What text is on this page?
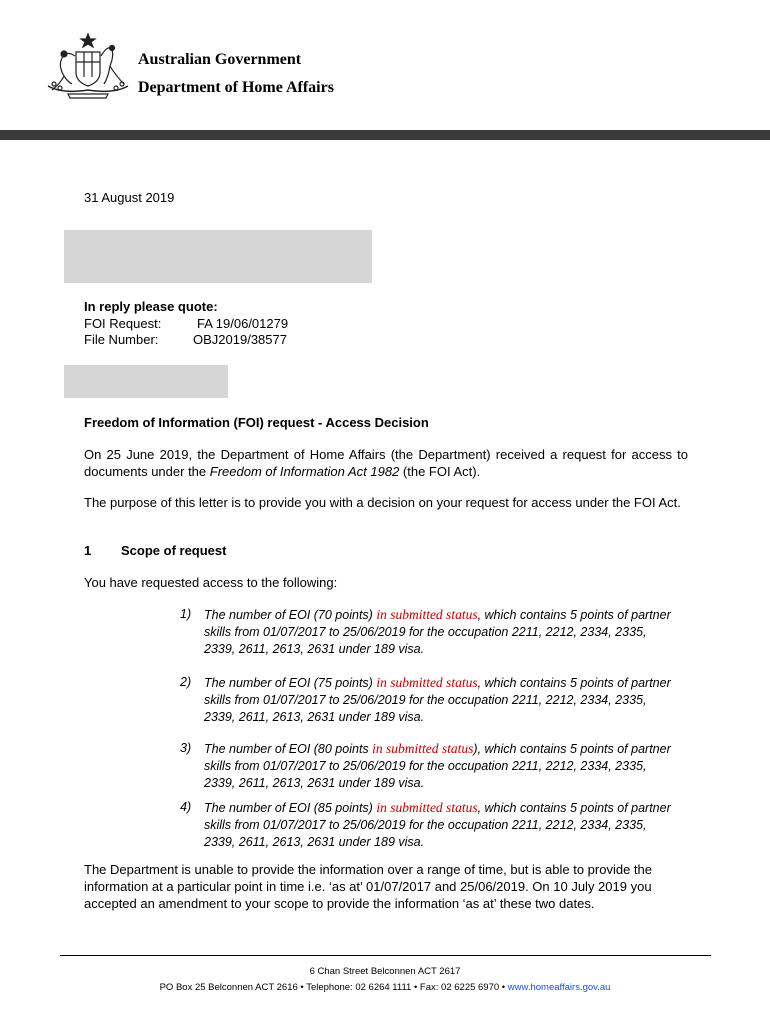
Australian Government
Department of Home Affairs
31 August 2019
In reply please quote:
FOI Request:	FA 19/06/01279
File Number:	OBJ2019/38577
Freedom of Information (FOI) request - Access Decision
On 25 June 2019, the Department of Home Affairs (the Department) received a request for access to documents under the Freedom of Information Act 1982 (the FOI Act).
The purpose of this letter is to provide you with a decision on your request for access under the FOI Act.
1 Scope of request
You have requested access to the following:
1) The number of EOI (70 points) in submitted status, which contains 5 points of partner skills from 01/07/2017 to 25/06/2019 for the occupation 2211, 2212, 2334, 2335, 2339, 2611, 2613, 2631 under 189 visa.
2) The number of EOI (75 points) in submitted status, which contains 5 points of partner skills from 01/07/2017 to 25/06/2019 for the occupation 2211, 2212, 2334, 2335, 2339, 2611, 2613, 2631 under 189 visa.
3) The number of EOI (80 points in submitted status), which contains 5 points of partner skills from 01/07/2017 to 25/06/2019 for the occupation 2211, 2212, 2334, 2335, 2339, 2611, 2613, 2631 under 189 visa.
4) The number of EOI (85 points) in submitted status, which contains 5 points of partner skills from 01/07/2017 to 25/06/2019 for the occupation 2211, 2212, 2334, 2335, 2339, 2611, 2613, 2631 under 189 visa.
The Department is unable to provide the information over a range of time, but is able to provide the information at a particular point in time i.e. ‘as at’ 01/07/2017 and 25/06/2019. On 10 July 2019 you accepted an amendment to your scope to provide the information ‘as at’ these two dates.
6 Chan Street Belconnen ACT 2617
PO Box 25 Belconnen ACT 2616 • Telephone: 02 6264 1111 • Fax: 02 6225 6970 • www.homeaffairs.gov.au
